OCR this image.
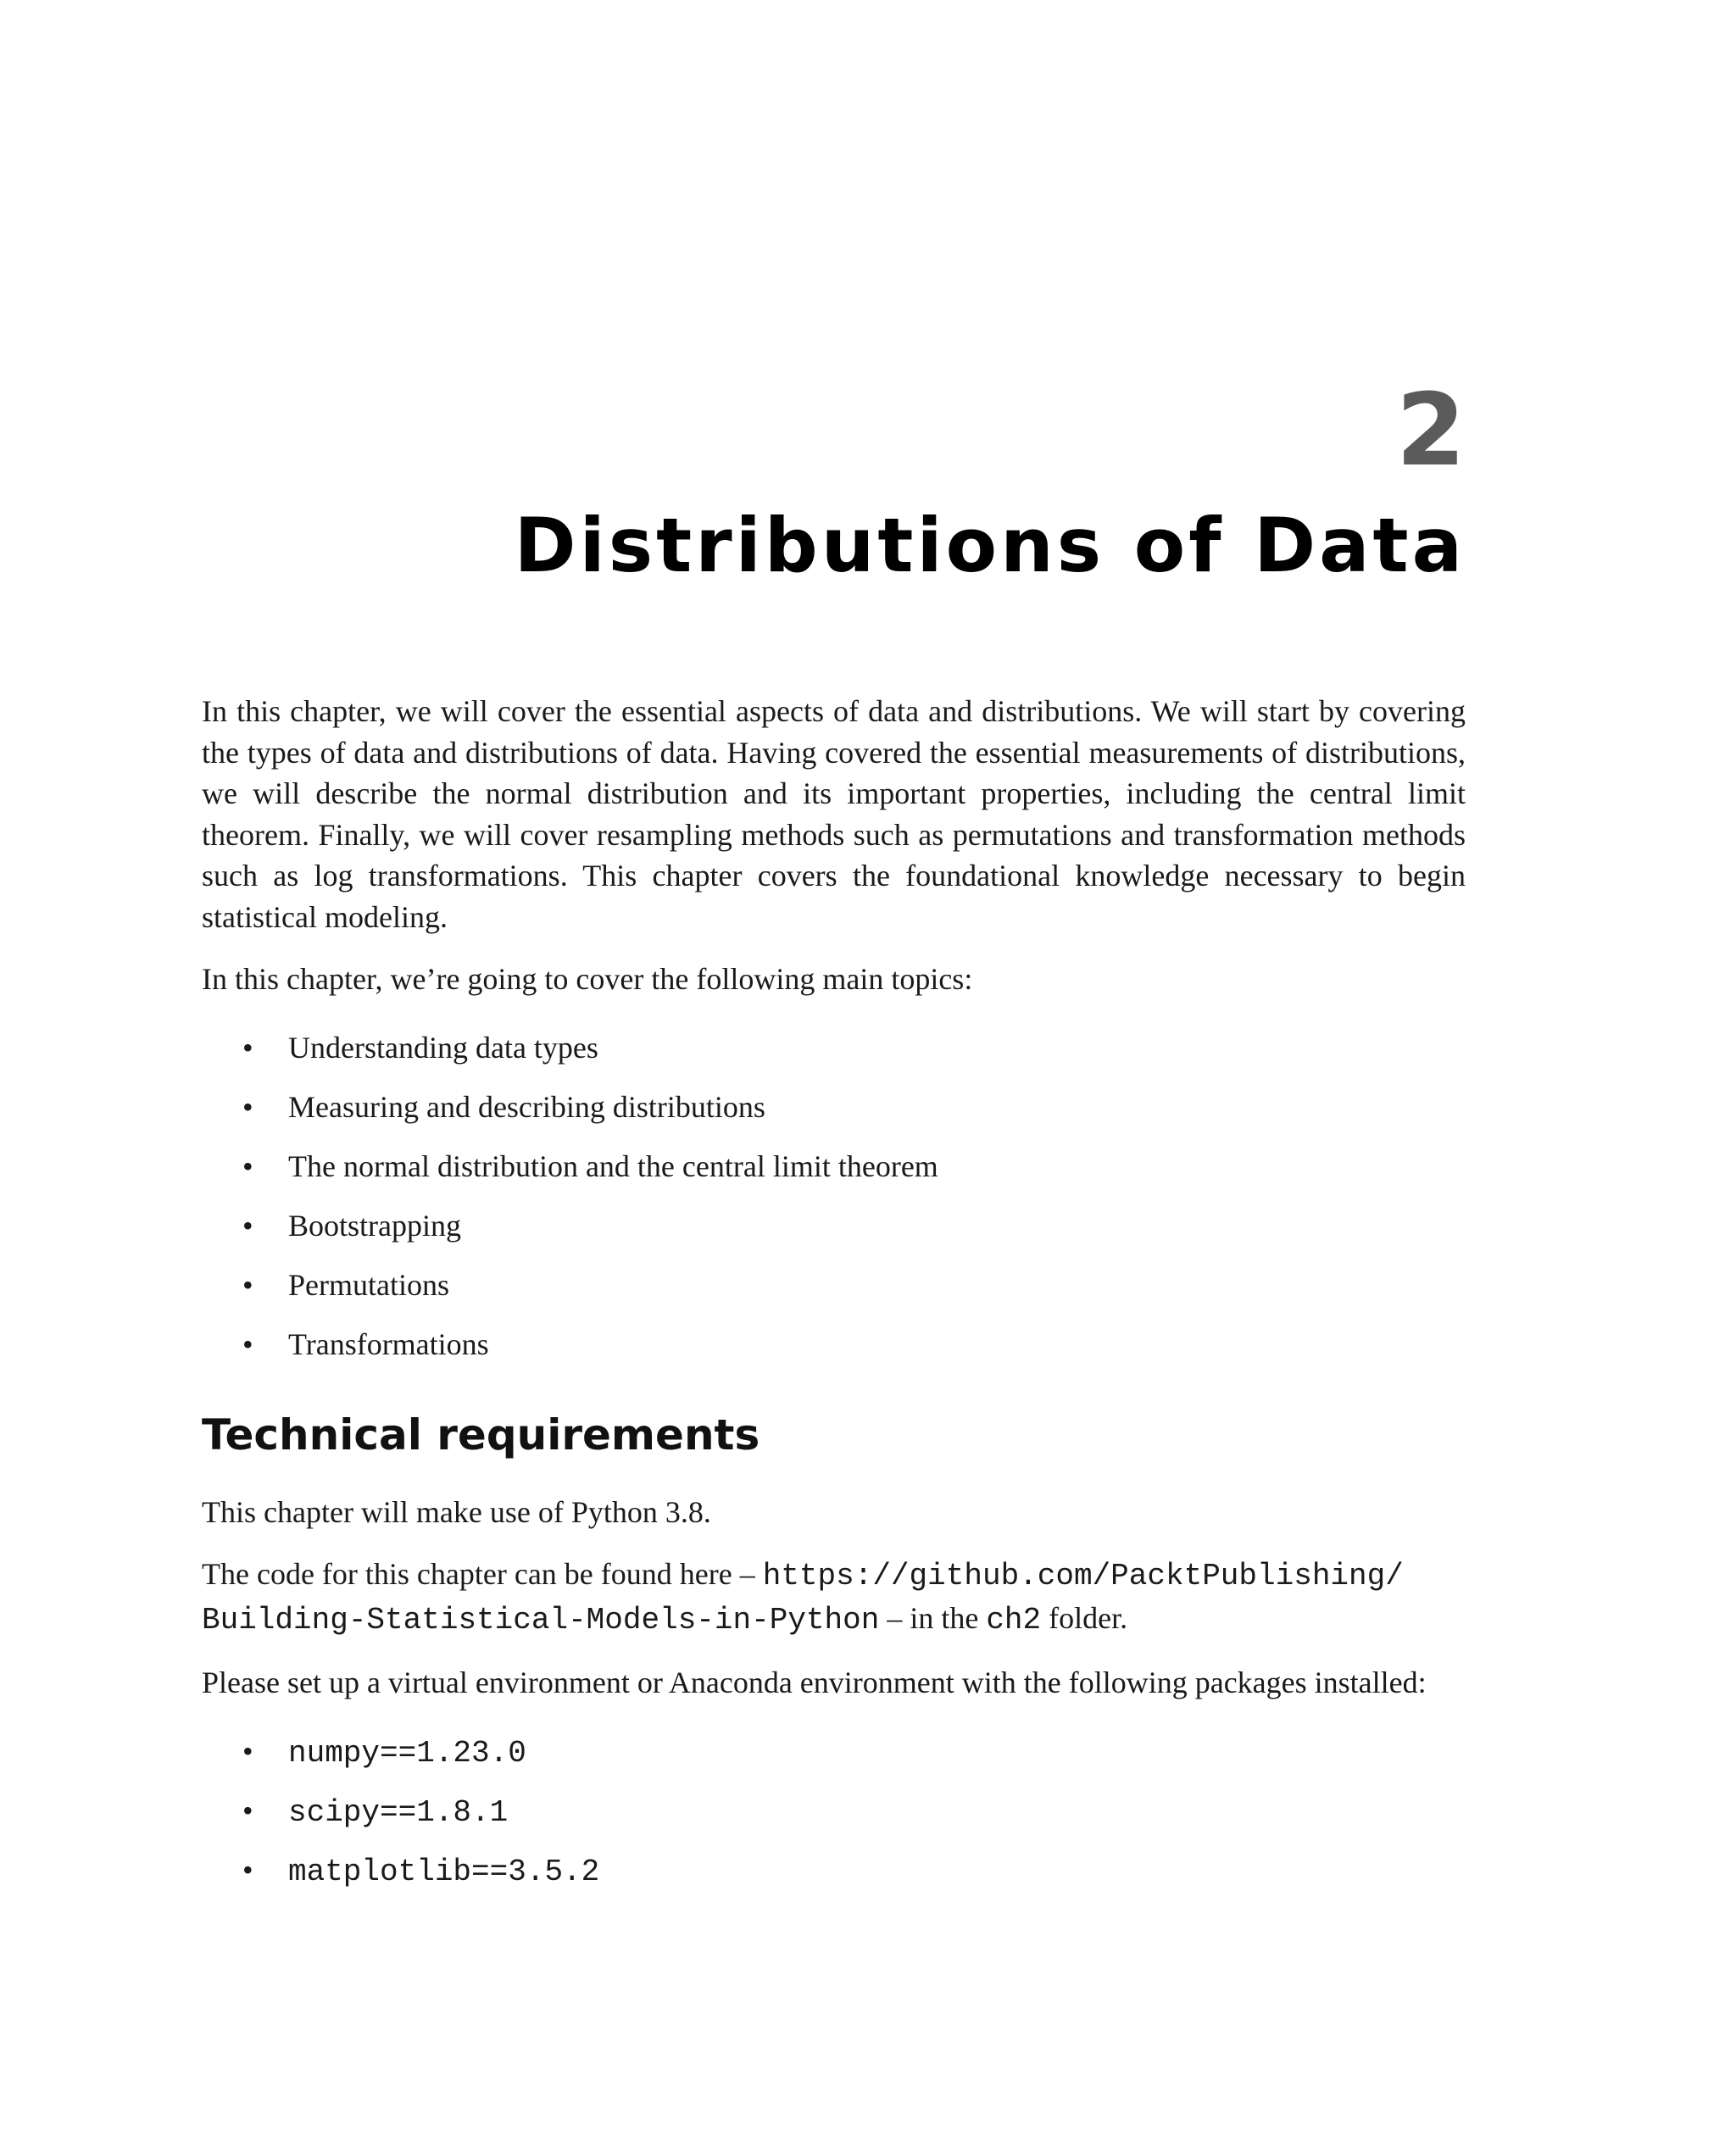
2
Distributions of Data

In this chapter, we will cover the essential aspects of data and distributions. We will start by covering the types of data and distributions of data. Having covered the essential measurements of distributions, we will describe the normal distribution and its important properties, including the central limit theorem. Finally, we will cover resampling methods such as permutations and transformation methods such as log transformations. This chapter covers the foundational knowledge necessary to begin statistical modeling.

In this chapter, we’re going to cover the following main topics:

• Understanding data types
• Measuring and describing distributions
• The normal distribution and the central limit theorem
• Bootstrapping
• Permutations
• Transformations
Technical requirements

This chapter will make use of Python 3.8.

The code for this chapter can be found here – https://github.com/PacktPublishing/
Building-Statistical-Models-in-Python – in the ch2 folder.

Please set up a virtual environment or Anaconda environment with the following packages installed:

• numpy==1.23.0
• scipy==1.8.1
• matplotlib==3.5.2
